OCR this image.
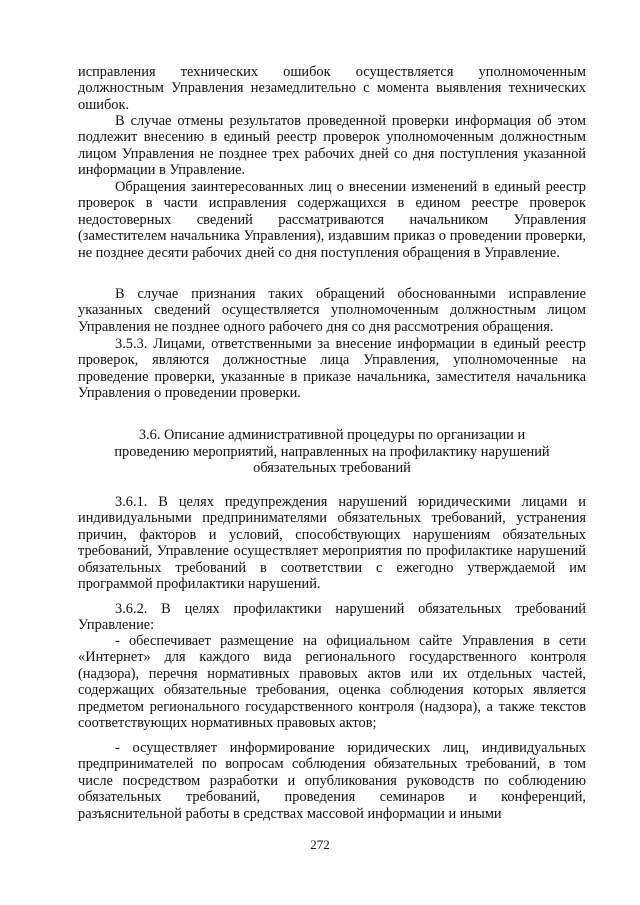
исправления технических ошибок осуществляется уполномоченным должностным Управления незамедлительно с момента выявления технических ошибок.

В случае отмены результатов проведенной проверки информация об этом подлежит внесению в единый реестр проверок уполномоченным должностным лицом Управления не позднее трех рабочих дней со дня поступления указанной информации в Управление.

Обращения заинтересованных лиц о внесении изменений в единый реестр проверок в части исправления содержащихся в едином реестре проверок недостоверных сведений рассматриваются начальником Управления (заместителем начальника Управления), издавшим приказ о проведении проверки, не позднее десяти рабочих дней со дня поступления обращения в Управление.

В случае признания таких обращений обоснованными исправление указанных сведений осуществляется уполномоченным должностным лицом Управления не позднее одного рабочего дня со дня рассмотрения обращения.

3.5.3. Лицами, ответственными за внесение информации в единый реестр проверок, являются должностные лица Управления, уполномоченные на проведение проверки, указанные в приказе начальника, заместителя начальника Управления о проведении проверки.

3.6. Описание административной процедуры по организации и
проведению мероприятий, направленных на профилактику нарушений
обязательных требований

3.6.1. В целях предупреждения нарушений юридическими лицами и индивидуальными предпринимателями обязательных требований, устранения причин, факторов и условий, способствующих нарушениям обязательных требований, Управление осуществляет мероприятия по профилактике нарушений обязательных требований в соответствии с ежегодно утверждаемой им программой профилактики нарушений.

3.6.2. В целях профилактики нарушений обязательных требований Управление:

- обеспечивает размещение на официальном сайте Управления в сети «Интернет» для каждого вида регионального государственного контроля (надзора), перечня нормативных правовых актов или их отдельных частей, содержащих обязательные требования, оценка соблюдения которых является предметом регионального государственного контроля (надзора), а также текстов соответствующих нормативных правовых актов;

- осуществляет информирование юридических лиц, индивидуальных предпринимателей по вопросам соблюдения обязательных требований, в том числе посредством разработки и опубликования руководств по соблюдению обязательных требований, проведения семинаров и конференций, разъяснительной работы в средствах массовой информации и иными

272
